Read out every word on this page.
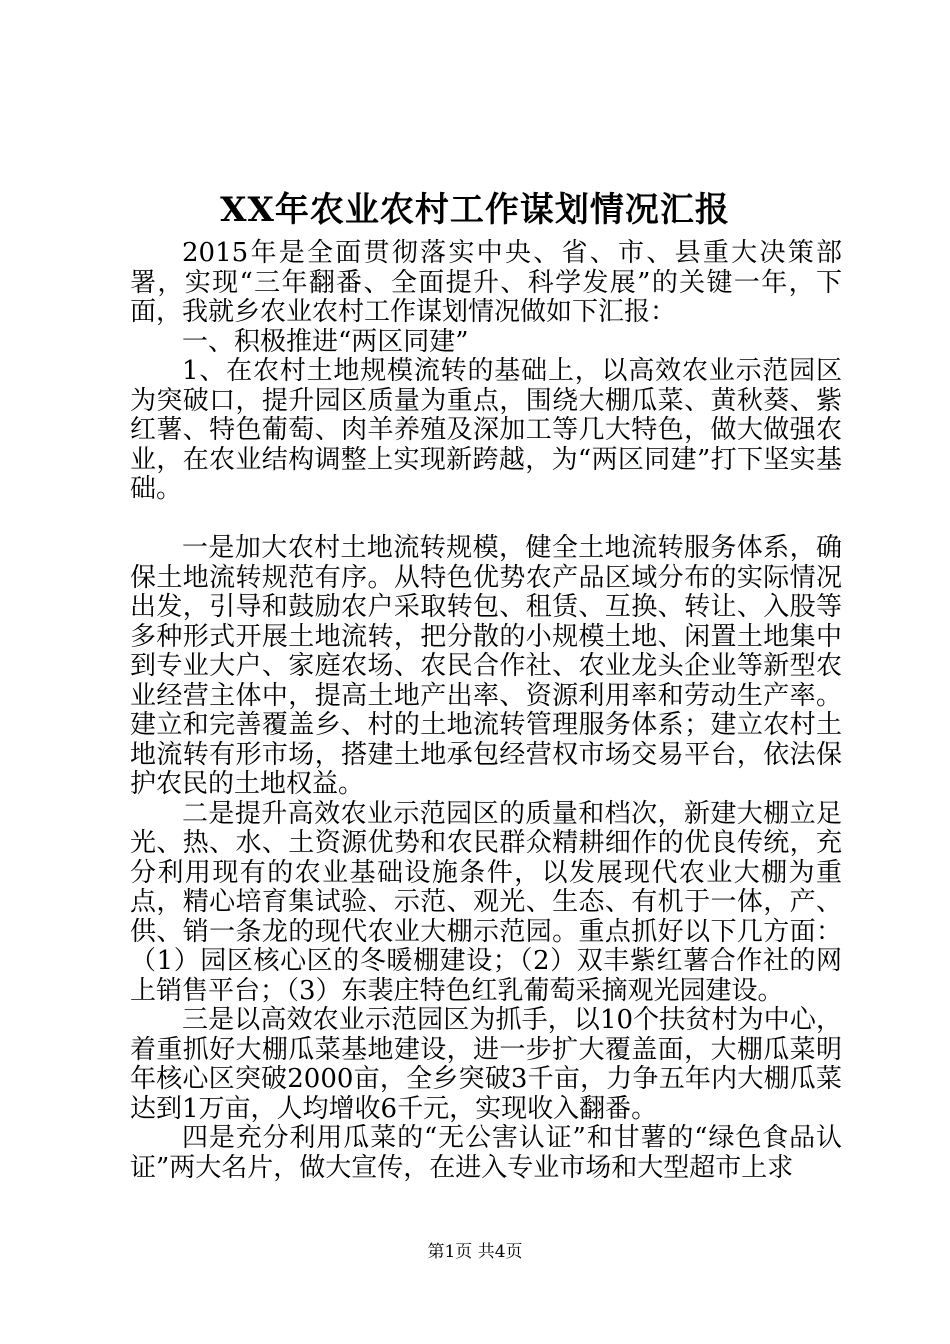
XX年农业农村工作谋划情况汇报

2015年是全面贯彻落实中央、省、市、县重大决策部署，实现“三年翻番、全面提升、科学发展”的关键一年，下面，我就乡农业农村工作谋划情况做如下汇报：

一、积极推进“两区同建”

1、在农村土地规模流转的基础上，以高效农业示范园区为突破口，提升园区质量为重点，围绕大棚瓜菜、黄秋葵、紫红薯、特色葡萄、肉羊养殖及深加工等几大特色，做大做强农业，在农业结构调整上实现新跨越，为“两区同建”打下坚实基础。

一是加大农村土地流转规模，健全土地流转服务体系，确保土地流转规范有序。从特色优势农产品区域分布的实际情况出发，引导和鼓励农户采取转包、租赁、互换、转让、入股等多种形式开展土地流转，把分散的小规模土地、闲置土地集中到专业大户、家庭农场、农民合作社、农业龙头企业等新型农业经营主体中，提高土地产出率、资源利用率和劳动生产率。建立和完善覆盖乡、村的土地流转管理服务体系；建立农村土地流转有形市场，搭建土地承包经营权市场交易平台，依法保护农民的土地权益。

二是提升高效农业示范园区的质量和档次，新建大棚立足光、热、水、土资源优势和农民群众精耕细作的优良传统，充分利用现有的农业基础设施条件，以发展现代农业大棚为重点，精心培育集试验、示范、观光、生态、有机于一体，产、供、销一条龙的现代农业大棚示范园。重点抓好以下几方面：（1）园区核心区的冬暖棚建设；（2）双丰紫红薯合作社的网上销售平台；（3）东裴庄特色红乳葡萄采摘观光园建设。

三是以高效农业示范园区为抓手，以10个扶贫村为中心，着重抓好大棚瓜菜基地建设，进一步扩大覆盖面，大棚瓜菜明年核心区突破2000亩，全乡突破3千亩，力争五年内大棚瓜菜达到1万亩，人均增收6千元，实现收入翻番。

四是充分利用瓜菜的“无公害认证”和甘薯的“绿色食品认证”两大名片，做大宣传，在进入专业市场和大型超市上求

第1页 共4页
